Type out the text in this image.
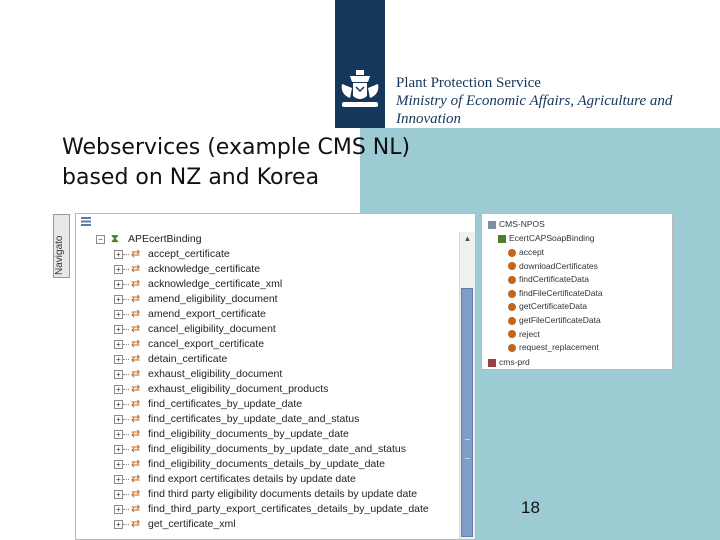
Plant Protection Service
Ministry of Economic Affairs, Agriculture and
Innovation
Webservices (example CMS NL)
based on NZ and Korea
Navigato	− ⧗ APEcertBinding
+ ⇄ accept_certificate
+ ⇄ acknowledge_certificate
+ ⇄ acknowledge_certificate_xml
+ ⇄ amend_eligibility_document
+ ⇄ amend_export_certificate
+ ⇄ cancel_eligibility_document
+ ⇄ cancel_export_certificate
+ ⇄ detain_certificate
+ ⇄ exhaust_eligibility_document
+ ⇄ exhaust_eligibility_document_products
+ ⇄ find_certificates_by_update_date
+ ⇄ find_certificates_by_update_date_and_status
+ ⇄ find_eligibility_documents_by_update_date
+ ⇄ find_eligibility_documents_by_update_date_and_status
+ ⇄ find_eligibility_documents_details_by_update_date
+ ⇄ find export certificates details by update date
+ ⇄ find third party eligibility documents details by update date
+ ⇄ find_third_party_export_certificates_details_by_update_date
+ ⇄ get_certificate_xml
▲
CMS-NPOS
EcertCAPSoapBinding
accept
downloadCertificates
findCertificateData
findFileCertificateData
getCertificateData
getFileCertificateData
reject
request_replacement
cms-prd
18
